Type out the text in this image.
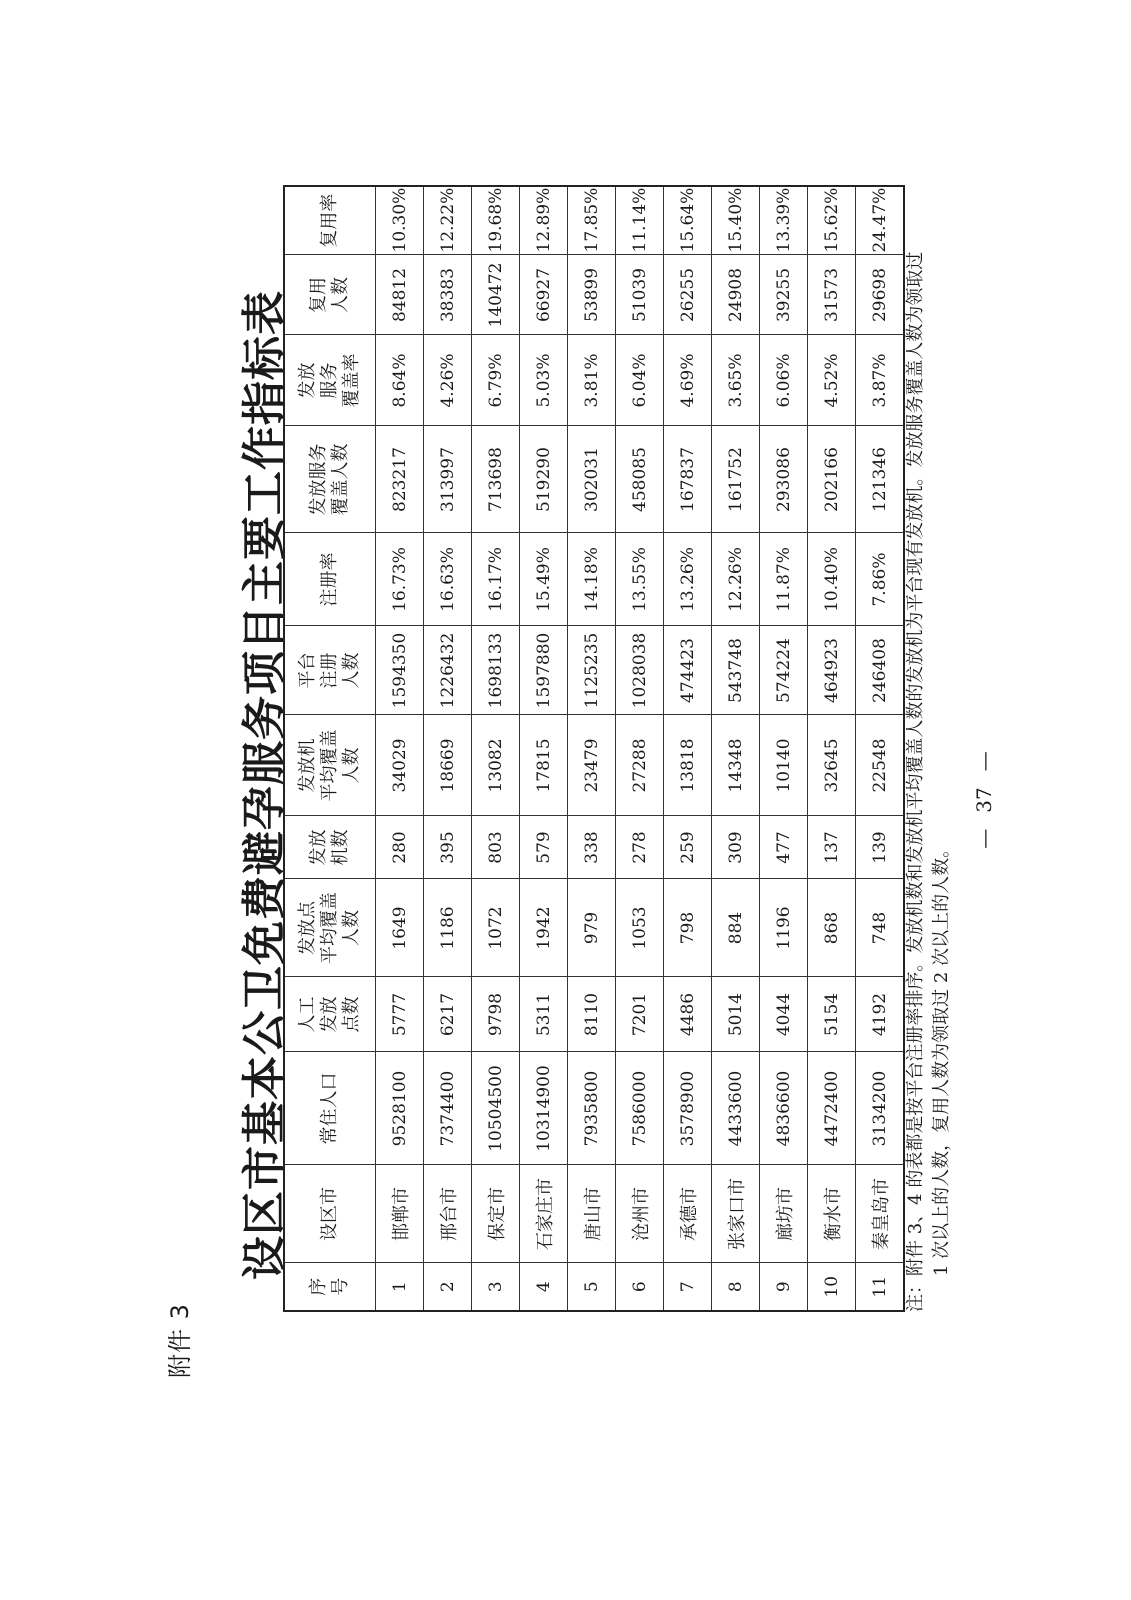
附件 3
设区市基本公卫免费避孕服务项目主要工作指标表
序 号	设区市	常住人口	人工 发放 点数	发放点 平均覆盖 人数	发放 机数	发放机 平均覆盖 人数	平台 注册 人数	注册率	发放服务 覆盖人数	发放 服务 覆盖率	复用 人数	复用率

1	邯郸市	9528100	5777	1649	280	34029	1594350	16.73%	823217	8.64%	84812	10.30%
2	邢台市	7374400	6217	1186	395	18669	1226432	16.63%	313997	4.26%	38383	12.22%
3	保定市	10504500	9798	1072	803	13082	1698133	16.17%	713698	6.79%	140472	19.68%
4	石家庄市	10314900	5311	1942	579	17815	1597880	15.49%	519290	5.03%	66927	12.89%
5	唐山市	7935800	8110	979	338	23479	1125235	14.18%	302031	3.81%	53899	17.85%
6	沧州市	7586000	7201	1053	278	27288	1028038	13.55%	458085	6.04%	51039	11.14%
7	承德市	3578900	4486	798	259	13818	474423	13.26%	167837	4.69%	26255	15.64%
8	张家口市	4433600	5014	884	309	14348	543748	12.26%	161752	3.65%	24908	15.40%
9	廊坊市	4836600	4044	1196	477	10140	574224	11.87%	293086	6.06%	39255	13.39%
10	衡水市	4472400	5154	868	137	32645	464923	10.40%	202166	4.52%	31573	15.62%
11	秦皇岛市	3134200	4192	748	139	22548	246408	7.86%	121346	3.87%	29698	24.47%
注：附件 3、4 的表都是按平台注册率排序。发放机数和发放机平均覆盖人数的发放机为平台现有发放机。发放服务覆盖人数为领取过 1 次以上的人数，复用人数为领取过 2 次以上的人数。
—37—
